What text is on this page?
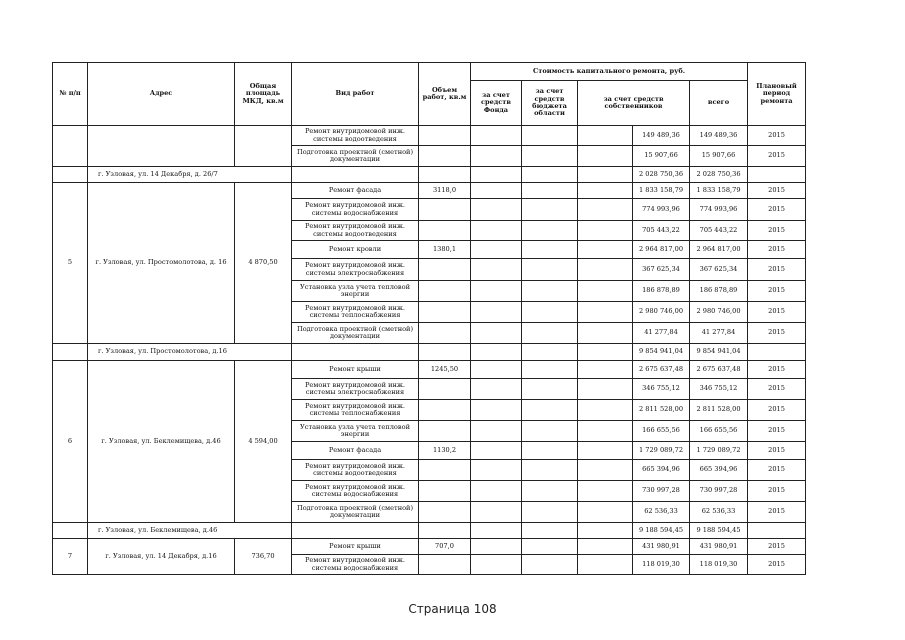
№ п/п	Адрес	Общая площадь МКД, кв.м	Вид работ	Объем работ, кв.м	Стоимость капитального ремонта, руб.					Плановый период ремонта
					за счет средств Фонда	за счет средств бюджета области	за счет средств собственников		всего	
			Ремонт внутридомовой инж. системы водоотведения					149 489,36	149 489,36	2015
			Подготовка проектной (сметной) документации					15 907,66	15 907,66	2015
	г. Узловая, ул. 14 Декабря, д. 26/7							2 028 750,36	2 028 750,36	
5	г. Узловая, ул. Простомолотова, д. 16	4 870,50	Ремонт фасада	3118,0				1 833 158,79	1 833 158,79	2015
			Ремонт внутридомовой инж. системы водоснабжения					774 993,96	774 993,96	2015
			Ремонт внутридомовой инж. системы водоотведения					705 443,22	705 443,22	2015
			Ремонт кровли	1380,1				2 964 817,00	2 964 817,00	2015
			Ремонт внутридомовой инж. системы электроснабжения					367 625,34	367 625,34	2015
			Установка узла учета тепловой энергии					186 878,89	186 878,89	2015
			Ремонт внутридомовой инж. системы теплоснабжения					2 980 746,00	2 980 746,00	2015
			Подготовка проектной (сметной) документации					41 277,84	41 277,84	2015
	г. Узловая, ул. Простомолотова, д.16							9 854 941,04	9 854 941,04	
6	г. Узловая, ул. Беклемищева, д.46	4 594,00	Ремонт крыши	1245,50				2 675 637,48	2 675 637,48	2015
			Ремонт внутридомовой инж. системы электроснабжения					346 755,12	346 755,12	2015
			Ремонт внутридомовой инж. системы теплоснабжения					2 811 528,00	2 811 528,00	2015
			Установка узла учета тепловой энергии					166 655,56	166 655,56	2015
			Ремонт фасада	1130,2				1 729 089,72	1 729 089,72	2015
			Ремонт внутридомовой инж. системы водоотведения					665 394,96	665 394,96	2015
			Ремонт внутридомовой инж. системы водоснабжения					730 997,28	730 997,28	2015
			Подготовка проектной (сметной) документации					62 536,33	62 536,33	2015
	г. Узловая, ул. Беклемищева, д.46							9 188 594,45	9 188 594,45	
7	г. Узловая, ул. 14 Декабря, д.16	736,70	Ремонт крыши	707,0				431 980,91	431 980,91	2015
			Ремонт внутридомовой инж. системы водоснабжения					118 019,30	118 019,30	2015
Страница 108
